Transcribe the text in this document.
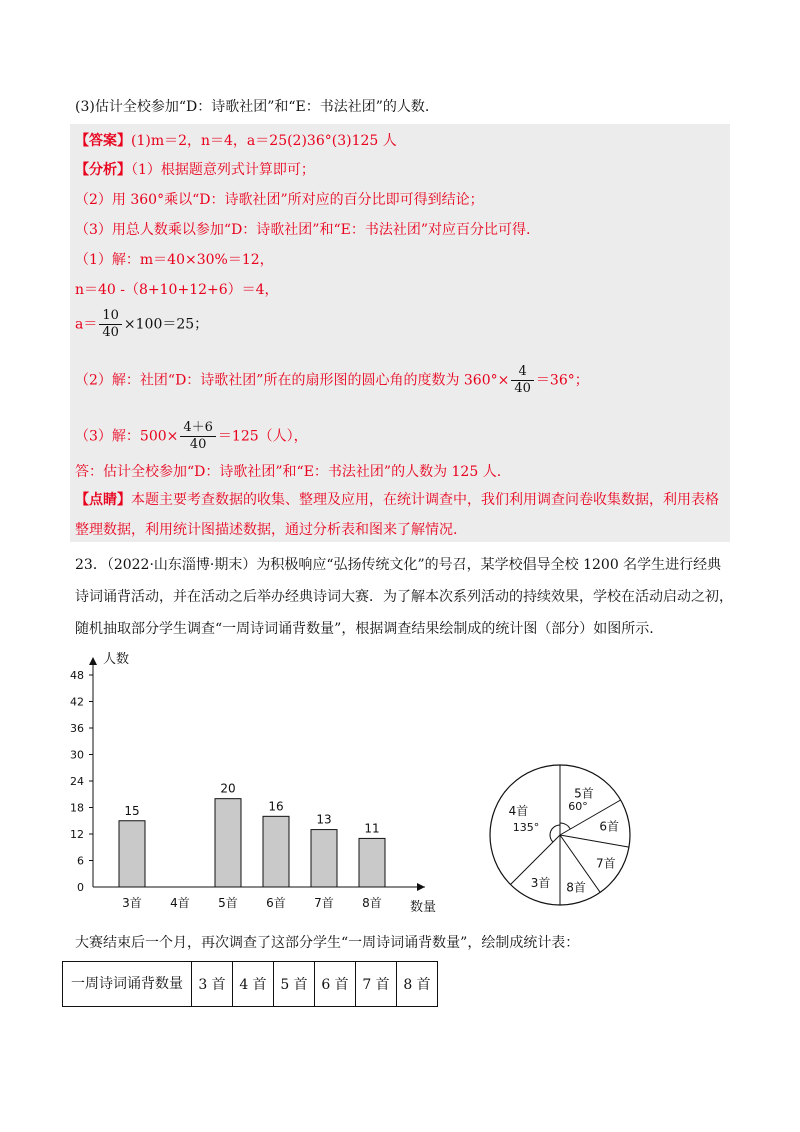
(3)估计全校参加“D：诗歌社团”和“E：书法社团”的人数.
【答案】(1)m＝2，n＝4，a＝25(2)36°(3)125 人
【分析】（1）根据题意列式计算即可；
（2）用 360°乘以“D：诗歌社团”所对应的百分比即可得到结论；
（3）用总人数乘以参加“D：诗歌社团”和“E：书法社团”对应百分比可得.
（1）解：m＝40×30%＝12，
n＝40 -（8+10+12+6）＝4，
$a= \frac{10}{40} \times 100=25$；
（2）解：社团“D：诗歌社团”所在的扇形图的圆心角的度数为 $360^\circ\times \frac{4}{40} =36^\circ$；
（3）解：$500\times \frac{4+6}{40} =125$（人），
答：估计全校参加“D：诗歌社团”和“E：书法社团”的人数为 125 人.
【点睛】本题主要考查数据的收集、整理及应用，在统计调查中，我们利用调查问卷收集数据，利用表格
整理数据，利用统计图描述数据，通过分析表和图来了解情况.
23．（2022·山东淄博·期末）为积极响应“弘扬传统文化”的号召，某学校倡导全校 1200 名学生进行经典
诗词诵背活动，并在活动之后举办经典诗词大赛．为了解本次系列活动的持续效果，学校在活动启动之初，
随机抽取部分学生调查“一周诗词诵背数量”，根据调查结果绘制成的统计图（部分）如图所示.
人数
数量
0
6
12
18
24
30
36
42
48
3首
15
4首 5首
20
6首
16
7首
13
8首
11
5首
6首
7首
8首
3首
4首	60°
135°
大赛结束后一个月，再次调查了这部分学生“一周诗词诵背数量”，绘制成统计表：
一周诗词诵背数量	3 首	4 首	5 首	6 首	7 首	8 首
